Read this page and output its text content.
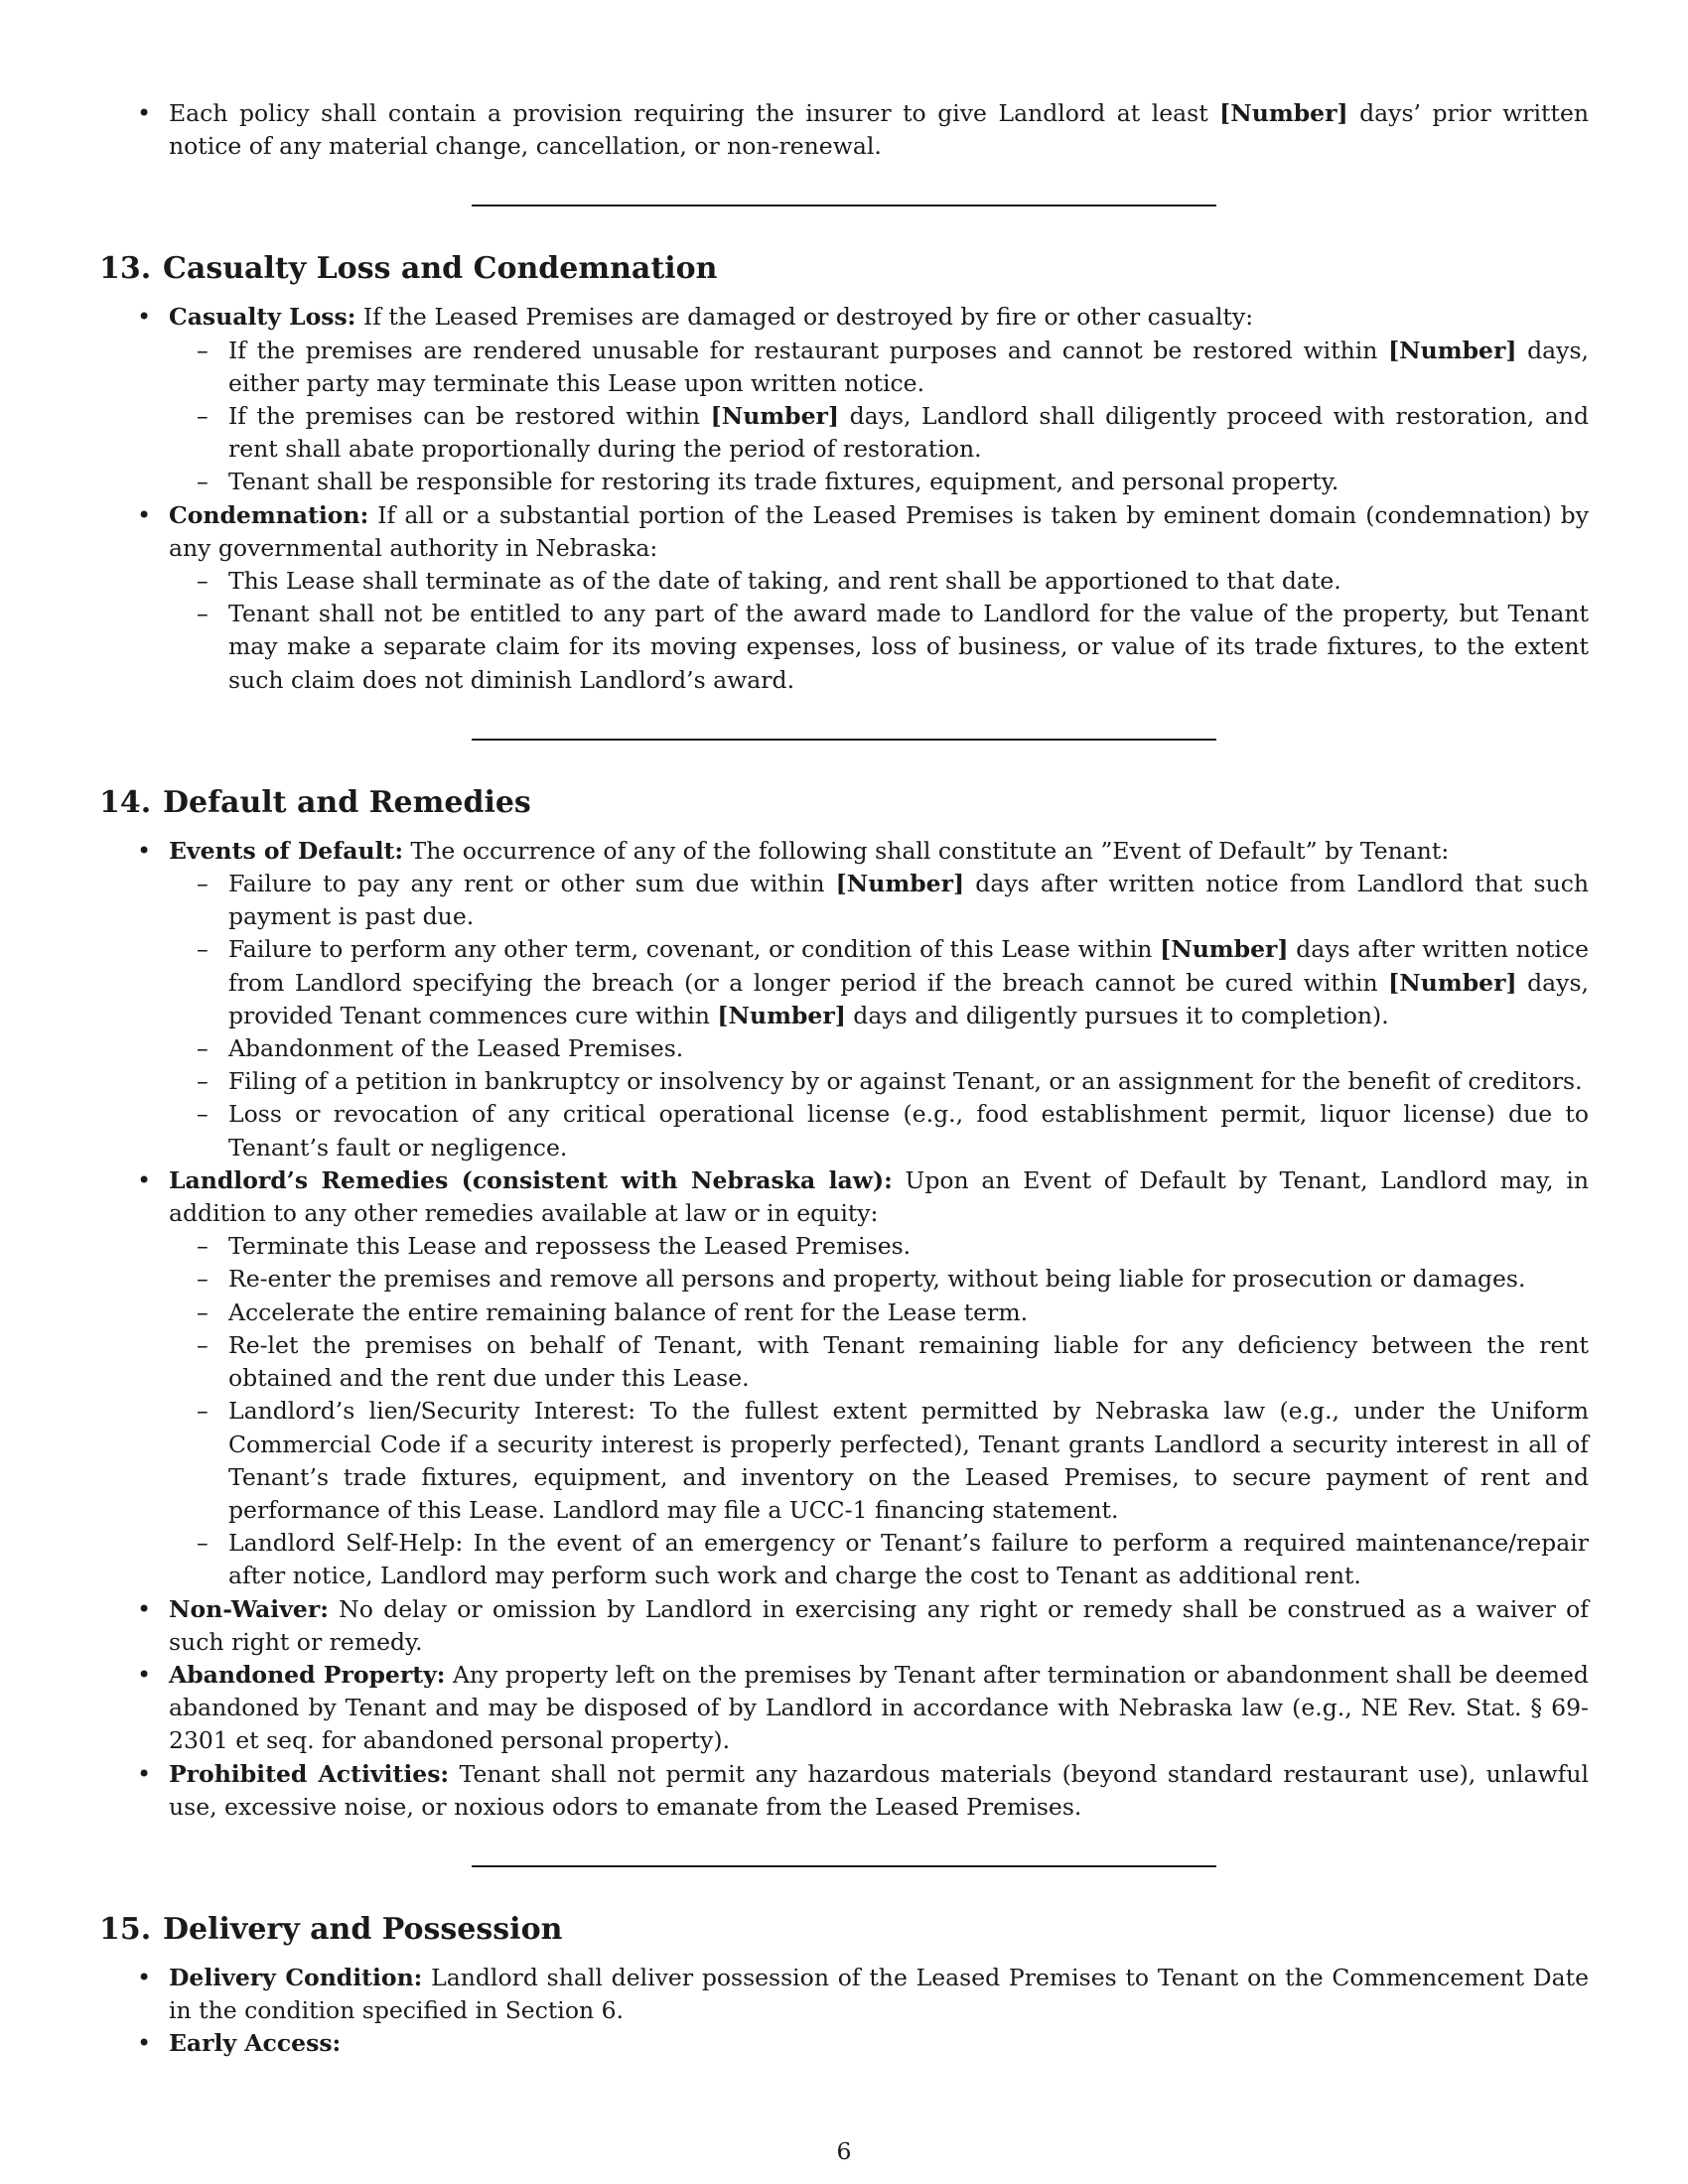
• Each policy shall contain a provision requiring the insurer to give Landlord at least [Number] days’ prior written notice of any material change, cancellation, or non-renewal.
13. Casualty Loss and Condemnation
• Casualty Loss: If the Leased Premises are damaged or destroyed by fire or other casualty:
– If the premises are rendered unusable for restaurant purposes and cannot be restored within [Number] days, either party may terminate this Lease upon written notice.
– If the premises can be restored within [Number] days, Landlord shall diligently proceed with restoration, and rent shall abate proportionally during the period of restoration.
– Tenant shall be responsible for restoring its trade fixtures, equipment, and personal property.
• Condemnation: If all or a substantial portion of the Leased Premises is taken by eminent domain (condemnation) by any governmental authority in Nebraska:
– This Lease shall terminate as of the date of taking, and rent shall be apportioned to that date.
– Tenant shall not be entitled to any part of the award made to Landlord for the value of the property, but Tenant may make a separate claim for its moving expenses, loss of business, or value of its trade fixtures, to the extent such claim does not diminish Landlord’s award.
14. Default and Remedies
• Events of Default: The occurrence of any of the following shall constitute an ”Event of Default” by Tenant:
– Failure to pay any rent or other sum due within [Number] days after written notice from Landlord that such payment is past due.
– Failure to perform any other term, covenant, or condition of this Lease within [Number] days after written notice from Landlord specifying the breach (or a longer period if the breach cannot be cured within [Number] days, provided Tenant commences cure within [Number] days and diligently pursues it to completion).
– Abandonment of the Leased Premises.
– Filing of a petition in bankruptcy or insolvency by or against Tenant, or an assignment for the benefit of creditors.
– Loss or revocation of any critical operational license (e.g., food establishment permit, liquor license) due to Tenant’s fault or negligence.
• Landlord’s Remedies (consistent with Nebraska law): Upon an Event of Default by Tenant, Landlord may, in addition to any other remedies available at law or in equity:
– Terminate this Lease and repossess the Leased Premises.
– Re-enter the premises and remove all persons and property, without being liable for prosecution or damages.
– Accelerate the entire remaining balance of rent for the Lease term.
– Re-let the premises on behalf of Tenant, with Tenant remaining liable for any deficiency between the rent obtained and the rent due under this Lease.
– Landlord’s lien/Security Interest: To the fullest extent permitted by Nebraska law (e.g., under the Uniform Commercial Code if a security interest is properly perfected), Tenant grants Landlord a security interest in all of Tenant’s trade fixtures, equipment, and inventory on the Leased Premises, to secure payment of rent and performance of this Lease. Landlord may file a UCC-1 financing statement.
– Landlord Self-Help: In the event of an emergency or Tenant’s failure to perform a required maintenance/repair after notice, Landlord may perform such work and charge the cost to Tenant as additional rent.
• Non-Waiver: No delay or omission by Landlord in exercising any right or remedy shall be construed as a waiver of such right or remedy.
• Abandoned Property: Any property left on the premises by Tenant after termination or abandonment shall be deemed abandoned by Tenant and may be disposed of by Landlord in accordance with Nebraska law (e.g., NE Rev. Stat. § 69-2301 et seq. for abandoned personal property).
• Prohibited Activities: Tenant shall not permit any hazardous materials (beyond standard restaurant use), unlawful use, excessive noise, or noxious odors to emanate from the Leased Premises.
15. Delivery and Possession
• Delivery Condition: Landlord shall deliver possession of the Leased Premises to Tenant on the Commencement Date in the condition specified in Section 6.
• Early Access:
6
